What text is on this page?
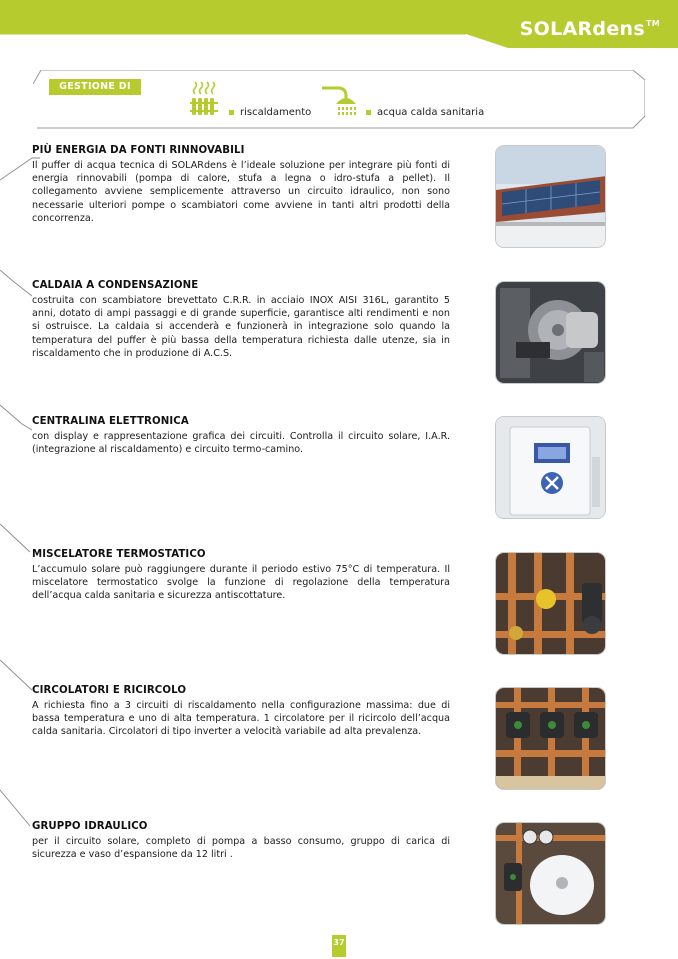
SOLARdens™
GESTIONE DI
riscaldamento	acqua calda sanitaria
PIÙ ENERGIA DA FONTI RINNOVABILI

Il puffer di acqua tecnica di SOLARdens è l’ideale soluzione per integrare più fonti di energia rinnovabili (pompa di calore, stufa a legna o idro-stufa a pellet). Il collegamento avviene semplicemente attraverso un circuito idraulico, non sono necessarie ulteriori pompe o scambiatori come avviene in tanti altri prodotti della concorrenza.

CALDAIA A CONDENSAZIONE

costruita con scambiatore brevettato C.R.R. in acciaio INOX AISI 316L, garantito 5 anni, dotato di ampi passaggi e di grande superficie, garantisce alti rendimenti e non si ostruisce. La caldaia si accenderà e funzionerà in integrazione solo quando la temperatura del puffer è più bassa della temperatura richiesta dalle utenze, sia in riscaldamento che in produzione di A.C.S.

CENTRALINA ELETTRONICA

con display e rappresentazione grafica dei circuiti. Controlla il circuito solare, I.A.R. (integrazione al riscaldamento) e circuito termo-camino.

MISCELATORE TERMOSTATICO

L’accumulo solare può raggiungere durante il periodo estivo 75°C di temperatura. Il miscelatore termostatico svolge la funzione di regolazione della temperatura dell’acqua calda sanitaria e sicurezza antiscottature.

CIRCOLATORI E RICIRCOLO

A richiesta fino a 3 circuiti di riscaldamento nella configurazione massima: due di bassa temperatura e uno di alta temperatura. 1 circolatore per il ricircolo dell’acqua calda sanitaria. Circolatori di tipo inverter a velocità variabile ad alta prevalenza.

GRUPPO IDRAULICO

per il circuito solare, completo di pompa a basso consumo, gruppo di carica di sicurezza e vaso d’espansione da 12 litri .

37
